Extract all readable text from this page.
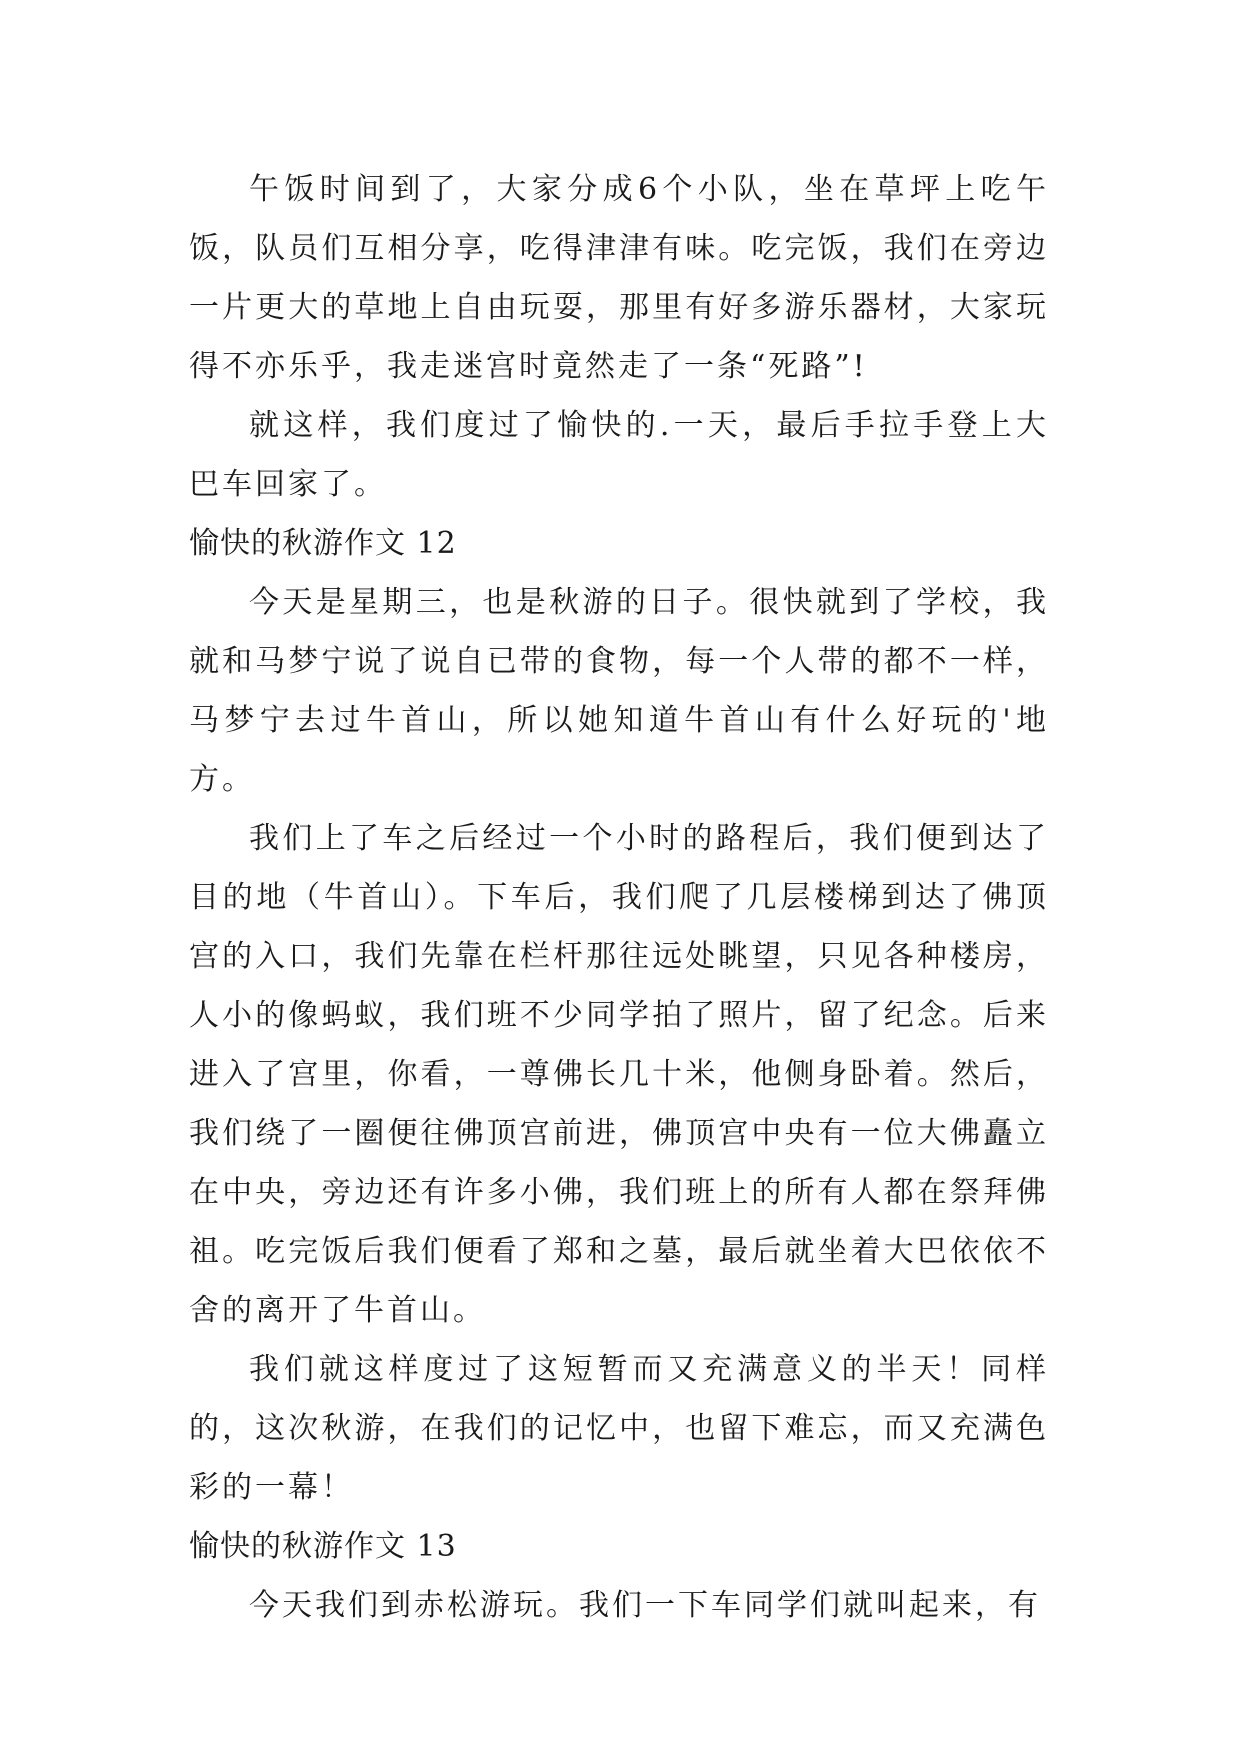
午饭时间到了，大家分成6个小队，坐在草坪上吃午饭，队员们互相分享，吃得津津有味。吃完饭，我们在旁边一片更大的草地上自由玩耍，那里有好多游乐器材，大家玩得不亦乐乎，我走迷宫时竟然走了一条“死路”!

就这样，我们度过了愉快的.一天，最后手拉手登上大巴车回家了。

愉快的秋游作文 12

今天是星期三，也是秋游的日子。很快就到了学校，我就和马梦宁说了说自已带的食物，每一个人带的都不一样，马梦宁去过牛首山，所以她知道牛首山有什么好玩的'地方。

我们上了车之后经过一个小时的路程后，我们便到达了目的地（牛首山）。下车后，我们爬了几层楼梯到达了佛顶宫的入口，我们先靠在栏杆那往远处眺望，只见各种楼房，人小的像蚂蚁，我们班不少同学拍了照片，留了纪念。后来进入了宫里，你看，一尊佛长几十米，他侧身卧着。然后，我们绕了一圈便往佛顶宫前进，佛顶宫中央有一位大佛矗立在中央，旁边还有许多小佛，我们班上的所有人都在祭拜佛祖。吃完饭后我们便看了郑和之墓，最后就坐着大巴依依不舍的离开了牛首山。

我们就这样度过了这短暂而又充满意义的半天！同样的，这次秋游，在我们的记忆中，也留下难忘，而又充满色彩的一幕！

愉快的秋游作文 13

今天我们到赤松游玩。我们一下车同学们就叫起来，有
